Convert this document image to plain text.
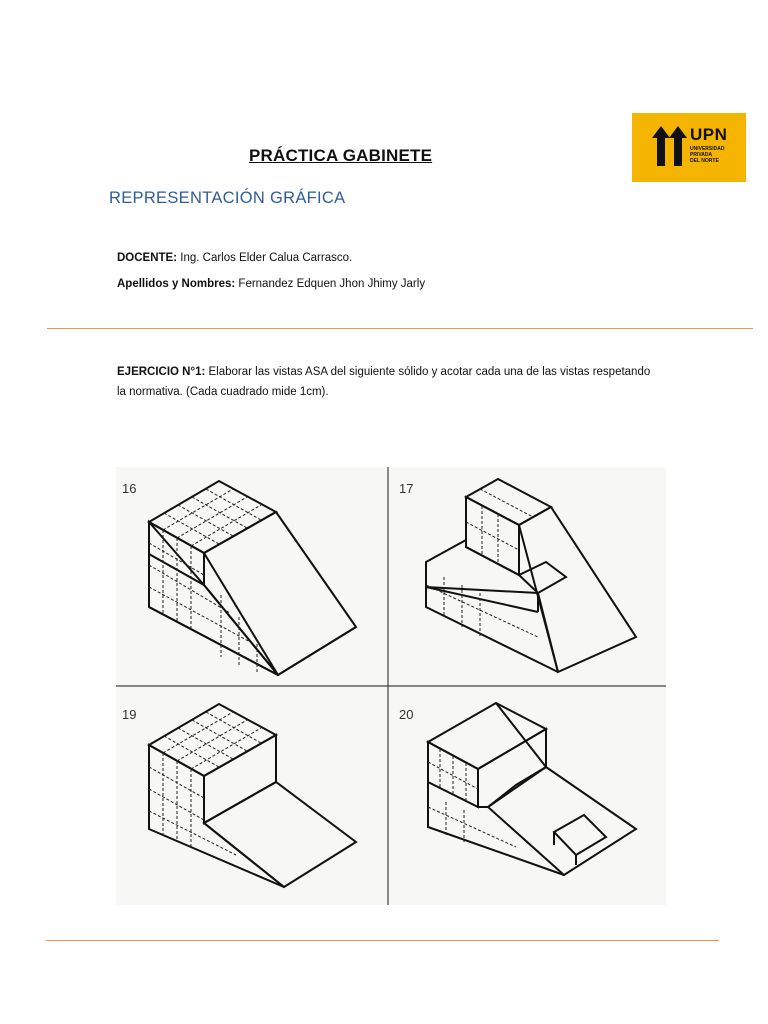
PRÁCTICA GABINETE
REPRESENTACIÓN GRÁFICA
UPN
UNIVERSIDAD
PRIVADA
DEL NORTE
DOCENTE: Ing. Carlos Elder Calua Carrasco.
Apellidos y Nombres: Fernandez Edquen Jhon Jhimy Jarly
EJERCICIO N°1: Elaborar las vistas ASA del siguiente sólido y acotar cada una de las vistas respetando la normativa. (Cada cuadrado mide 1cm).
16	17
19	20
